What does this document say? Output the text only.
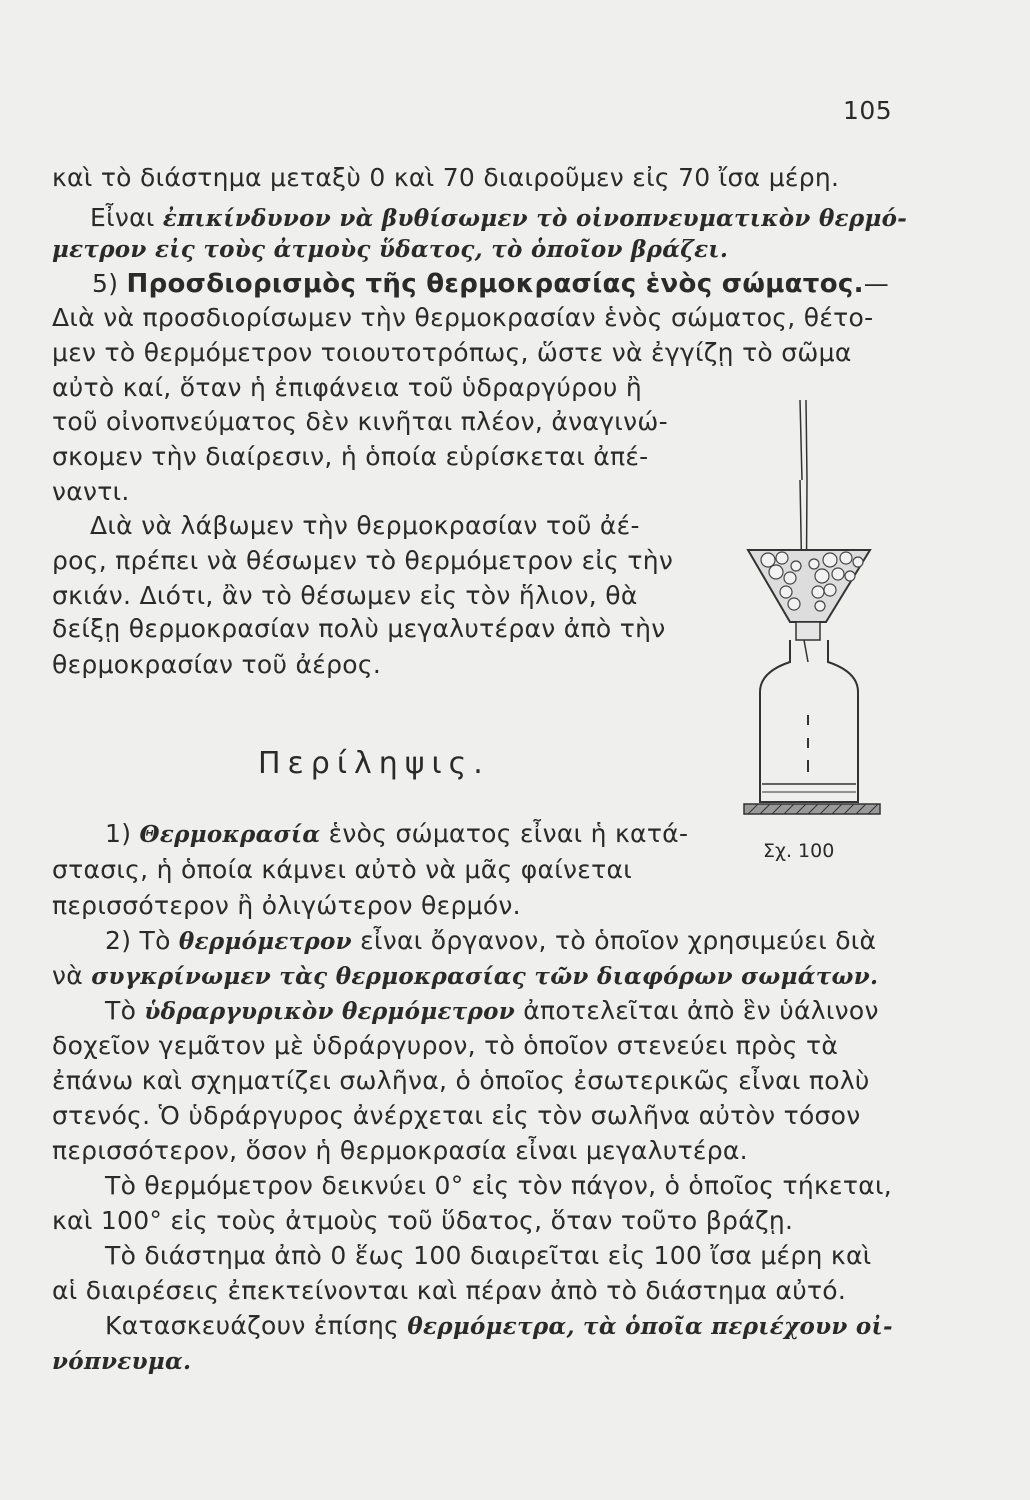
105
καὶ τὸ διάστημα μεταξὺ 0 καὶ 70 διαιροῦμεν εἰς 70 ἴσα μέρη.
Εἶναι ἐπικίνδυνον νὰ βυθίσωμεν τὸ οἰνοπνευματικὸν θερμό-
μετρον εἰς τοὺς ἀτμοὺς ὕδατος, τὸ ὁποῖον βράζει.
5) Προσδιορισμὸς τῆς θερμοκρασίας ἑνὸς σώματος.—
Διὰ νὰ προσδιορίσωμεν τὴν θερμοκρασίαν ἑνὸς σώματος, θέτο-
μεν τὸ θερμόμετρον τοιουτοτρόπως, ὥστε νὰ ἐγγίζῃ τὸ σῶμα
αὐτὸ καί, ὅταν ἡ ἐπιφάνεια τοῦ ὑδραργύρου ἢ
τοῦ οἰνοπνεύματος δὲν κινῆται πλέον, ἀναγινώ-
σκομεν τὴν διαίρεσιν, ἡ ὁποία εὑρίσκεται ἀπέ-
ναντι.
Διὰ νὰ λάβωμεν τὴν θερμοκρασίαν τοῦ ἀέ-
ρος, πρέπει νὰ θέσωμεν τὸ θερμόμετρον εἰς τὴν
σκιάν. Διότι, ἂν τὸ θέσωμεν εἰς τὸν ἥλιον, θὰ
δείξῃ θερμοκρασίαν πολὺ μεγαλυτέραν ἀπὸ τὴν
θερμοκρασίαν τοῦ ἀέρος.
1) Θερμοκρασία ἑνὸς σώματος εἶναι ἡ κατά-
στασις, ἡ ὁποία κάμνει αὐτὸ νὰ μᾶς φαίνεται
περισσότερον ἢ ὀλιγώτερον θερμόν.
2) Τὸ θερμόμετρον εἶναι ὄργανον, τὸ ὁποῖον χρησιμεύει διὰ
νὰ συγκρίνωμεν τὰς θερμοκρασίας τῶν διαφόρων σωμάτων.
Τὸ ὑδραργυρικὸν θερμόμετρον ἀποτελεῖται ἀπὸ ἓν ὑάλινον
δοχεῖον γεμᾶτον μὲ ὑδράργυρον, τὸ ὁποῖον στενεύει πρὸς τὰ
ἐπάνω καὶ σχηματίζει σωλῆνα, ὁ ὁποῖος ἐσωτερικῶς εἶναι πολὺ
στενός. Ὁ ὑδράργυρος ἀνέρχεται εἰς τὸν σωλῆνα αὐτὸν τόσον
περισσότερον, ὅσον ἡ θερμοκρασία εἶναι μεγαλυτέρα.
Τὸ θερμόμετρον δεικνύει 0° εἰς τὸν πάγον, ὁ ὁποῖος τήκεται,
καὶ 100° εἰς τοὺς ἀτμοὺς τοῦ ὕδατος, ὅταν τοῦτο βράζῃ.
Τὸ διάστημα ἀπὸ 0 ἕως 100 διαιρεῖται εἰς 100 ἴσα μέρη καὶ
αἱ διαιρέσεις ἐπεκτείνονται καὶ πέραν ἀπὸ τὸ διάστημα αὐτό.
Κατασκευάζουν ἐπίσης θερμόμετρα, τὰ ὁποῖα περιέχουν οἰ-
νόπνευμα.
Περίληψις.
Σχ. 100
